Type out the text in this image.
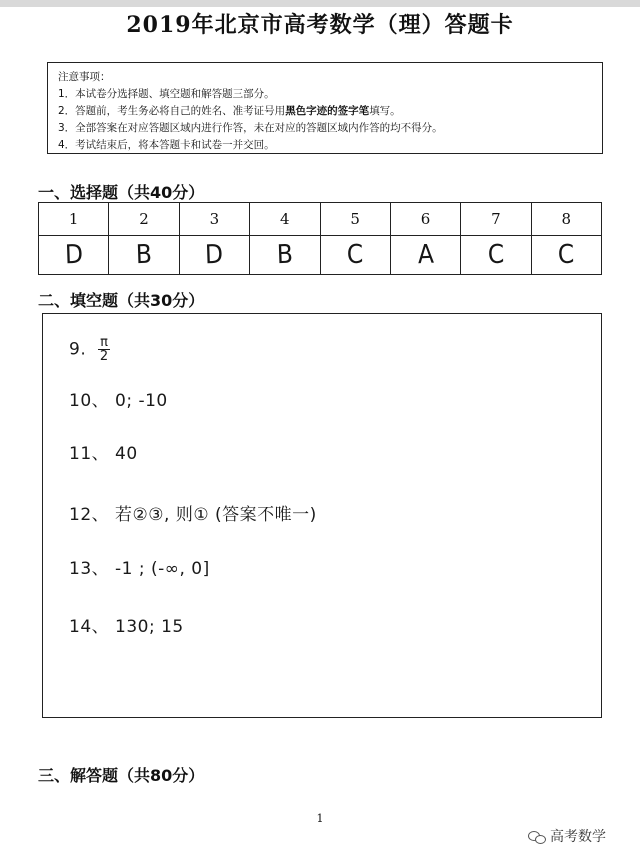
2019年北京市高考数学（理）答题卡
注意事项：
1．本试卷分选择题、填空题和解答题三部分。
2．答题前，考生务必将自己的姓名、准考证号用黑色字迹的签字笔填写。
3．全部答案在对应答题区域内进行作答，未在对应的答题区域内作答的均不得分。
4．考试结束后，将本答题卡和试卷一并交回。
一、选择题（共40分）
1	2	3	4	5	6	7	8
D	B	D	B	C	A	C	C
二、填空题（共30分）
9. $\frac{\pi}{2}$
10、 0; -10
11、 40
12、 若②③, 则① (答案不唯一)
13、 -1 ; (-∞, 0]
14、 130; 15
三、解答题（共80分）
1
高考数学
